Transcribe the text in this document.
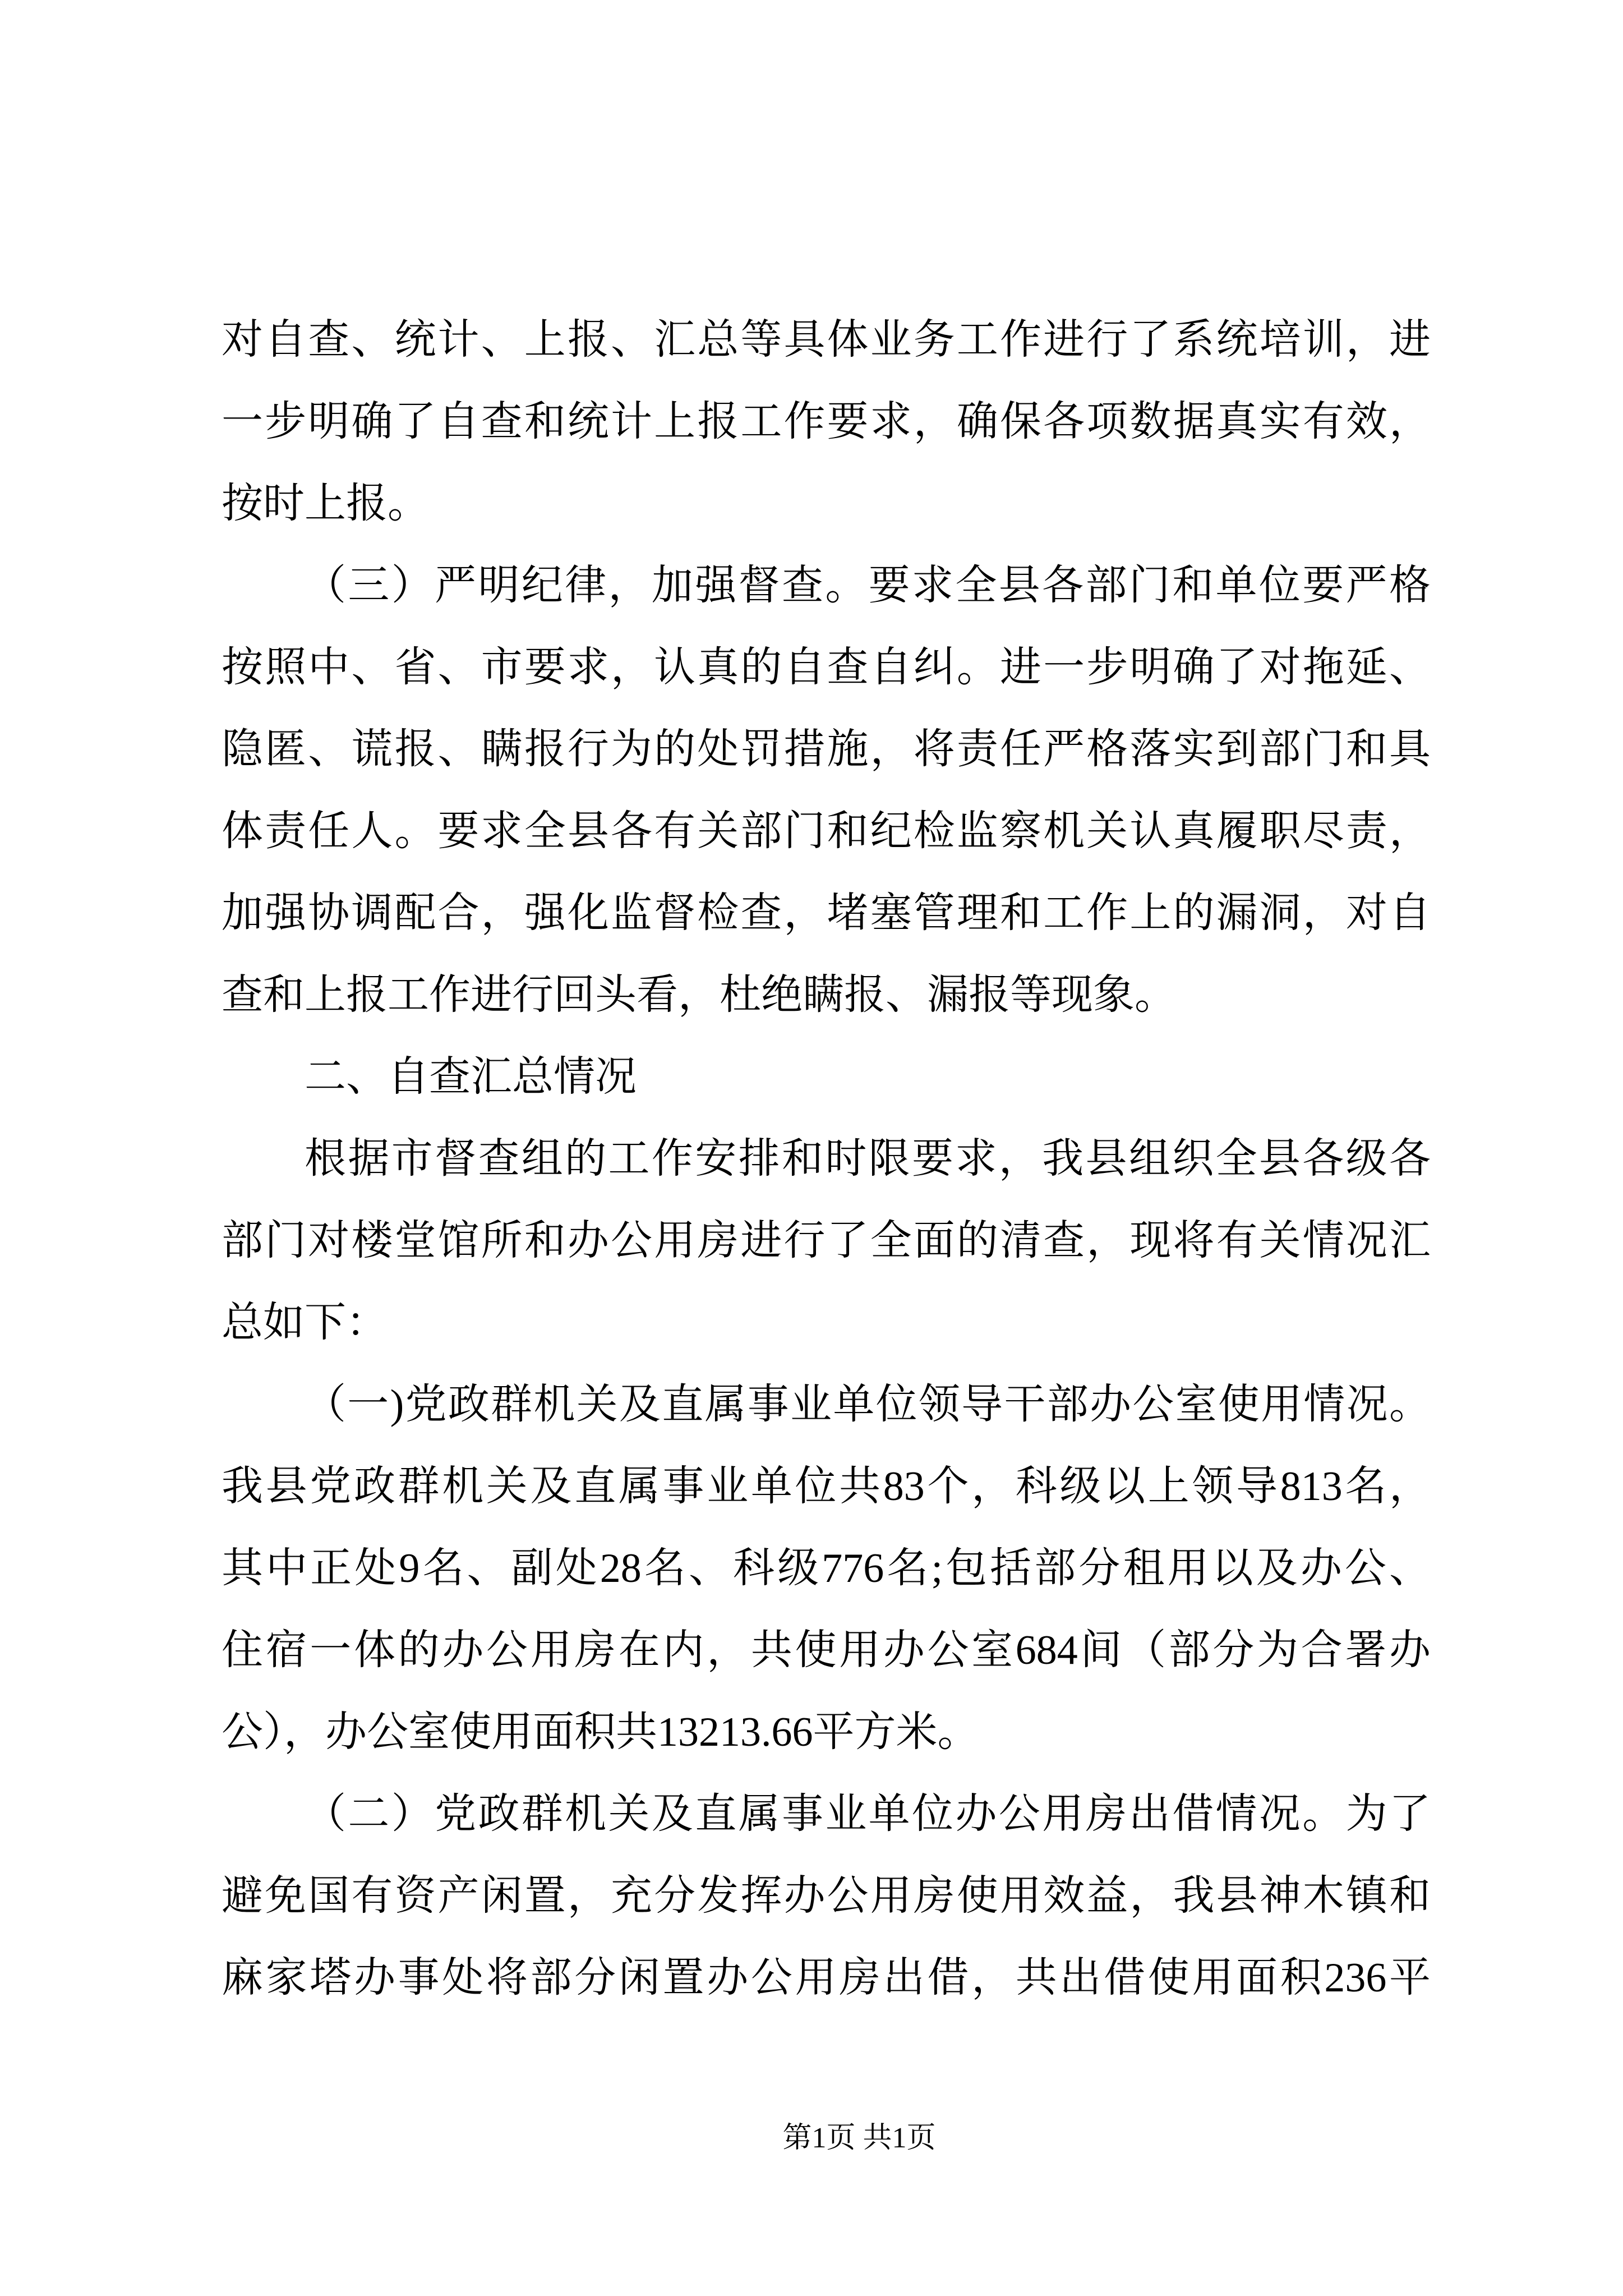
对自查、统计、上报、汇总等具体业务工作进行了系统培训，进
一步明确了自查和统计上报工作要求，确保各项数据真实有效，
按时上报。
（三）严明纪律，加强督查。要求全县各部门和单位要严格
按照中、省、市要求，认真的自查自纠。进一步明确了对拖延、
隐匿、谎报、瞒报行为的处罚措施，将责任严格落实到部门和具
体责任人。要求全县各有关部门和纪检监察机关认真履职尽责，
加强协调配合，强化监督检查，堵塞管理和工作上的漏洞，对自
查和上报工作进行回头看，杜绝瞒报、漏报等现象。
二、自查汇总情况
根据市督查组的工作安排和时限要求，我县组织全县各级各
部门对楼堂馆所和办公用房进行了全面的清查，现将有关情况汇
总如下：
（一)党政群机关及直属事业单位领导干部办公室使用情况。
我县党政群机关及直属事业单位共83个，科级以上领导813名，
其中正处9名、副处28名、科级776名;包括部分租用以及办公、
住宿一体的办公用房在内，共使用办公室684间（部分为合署办
公），办公室使用面积共13213.66平方米。
（二）党政群机关及直属事业单位办公用房出借情况。为了
避免国有资产闲置，充分发挥办公用房使用效益，我县神木镇和
麻家塔办事处将部分闲置办公用房出借，共出借使用面积236平
第1页 共1页
